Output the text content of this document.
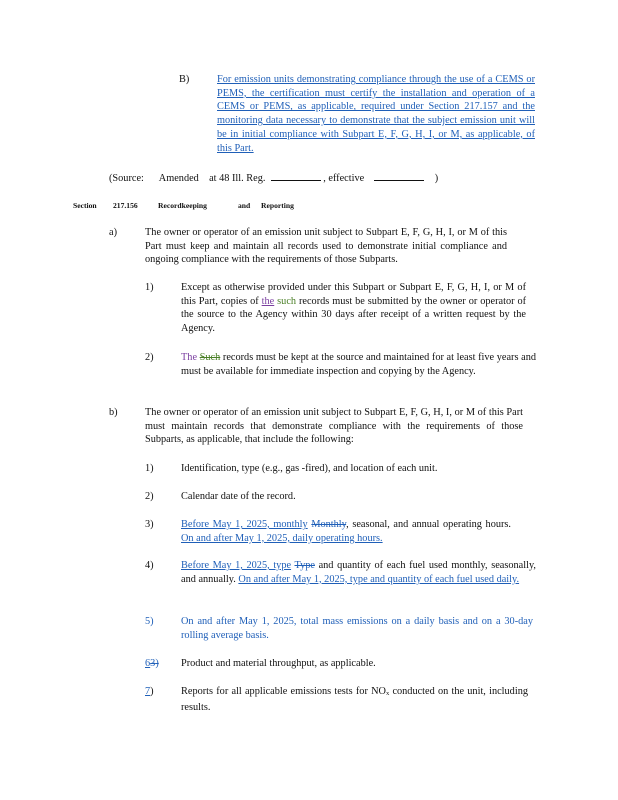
B)	For emission units demonstrating compliance through the use of a CEMS or PEMS, the certification must certify the installation and operation of a CEMS or PEMS, as applicable, required under Section 217.157 and the monitoring data necessary to demonstrate that the subject emission unit will be in initial compliance with Subpart E, F, G, H, I, or M, as applicable, of this Part.
(Source: Amended at 48 Ill. Reg.	, effective	)
Section 217.156	Recordkeeping	and Reporting
a)	The owner or operator of an emission unit subject to Subpart E, F, G, H, I, or M of this Part must keep and maintain all records used to demonstrate initial compliance and ongoing compliance with the requirements of those Subparts.
1)	Except as otherwise provided under this Subpart or Subpart E, F, G, H, I, or M of this Part, copies of the such records must be submitted by the owner or operator of the source to the Agency within 30 days after receipt of a written request by the Agency.
2)	The Such records must be kept at the source and maintained for at least five years and must be available for immediate inspection and copying by the Agency.
b)	The owner or operator of an emission unit subject to Subpart E, F, G, H, I, or M of this Part must maintain records that demonstrate compliance with the requirements of those Subparts, as applicable, that include the following:
1)	Identification, type (e.g., gas -fired), and location of each unit.
2)	Calendar date of the record.
3)	Before May 1, 2025, monthly Monthly, seasonal, and annual operating hours. On and after May 1, 2025, daily operating hours.
4)	Before May 1, 2025, type Type and quantity of each fuel used monthly, seasonally, and annually. On and after May 1, 2025, type and quantity of each fuel used daily.
5)	On and after May 1, 2025, total mass emissions on a daily basis and on a 30-day rolling average basis.
63) Product and material throughput, as applicable.
7)	Reports for all applicable emissions tests for NOx conducted on the unit, including results.
